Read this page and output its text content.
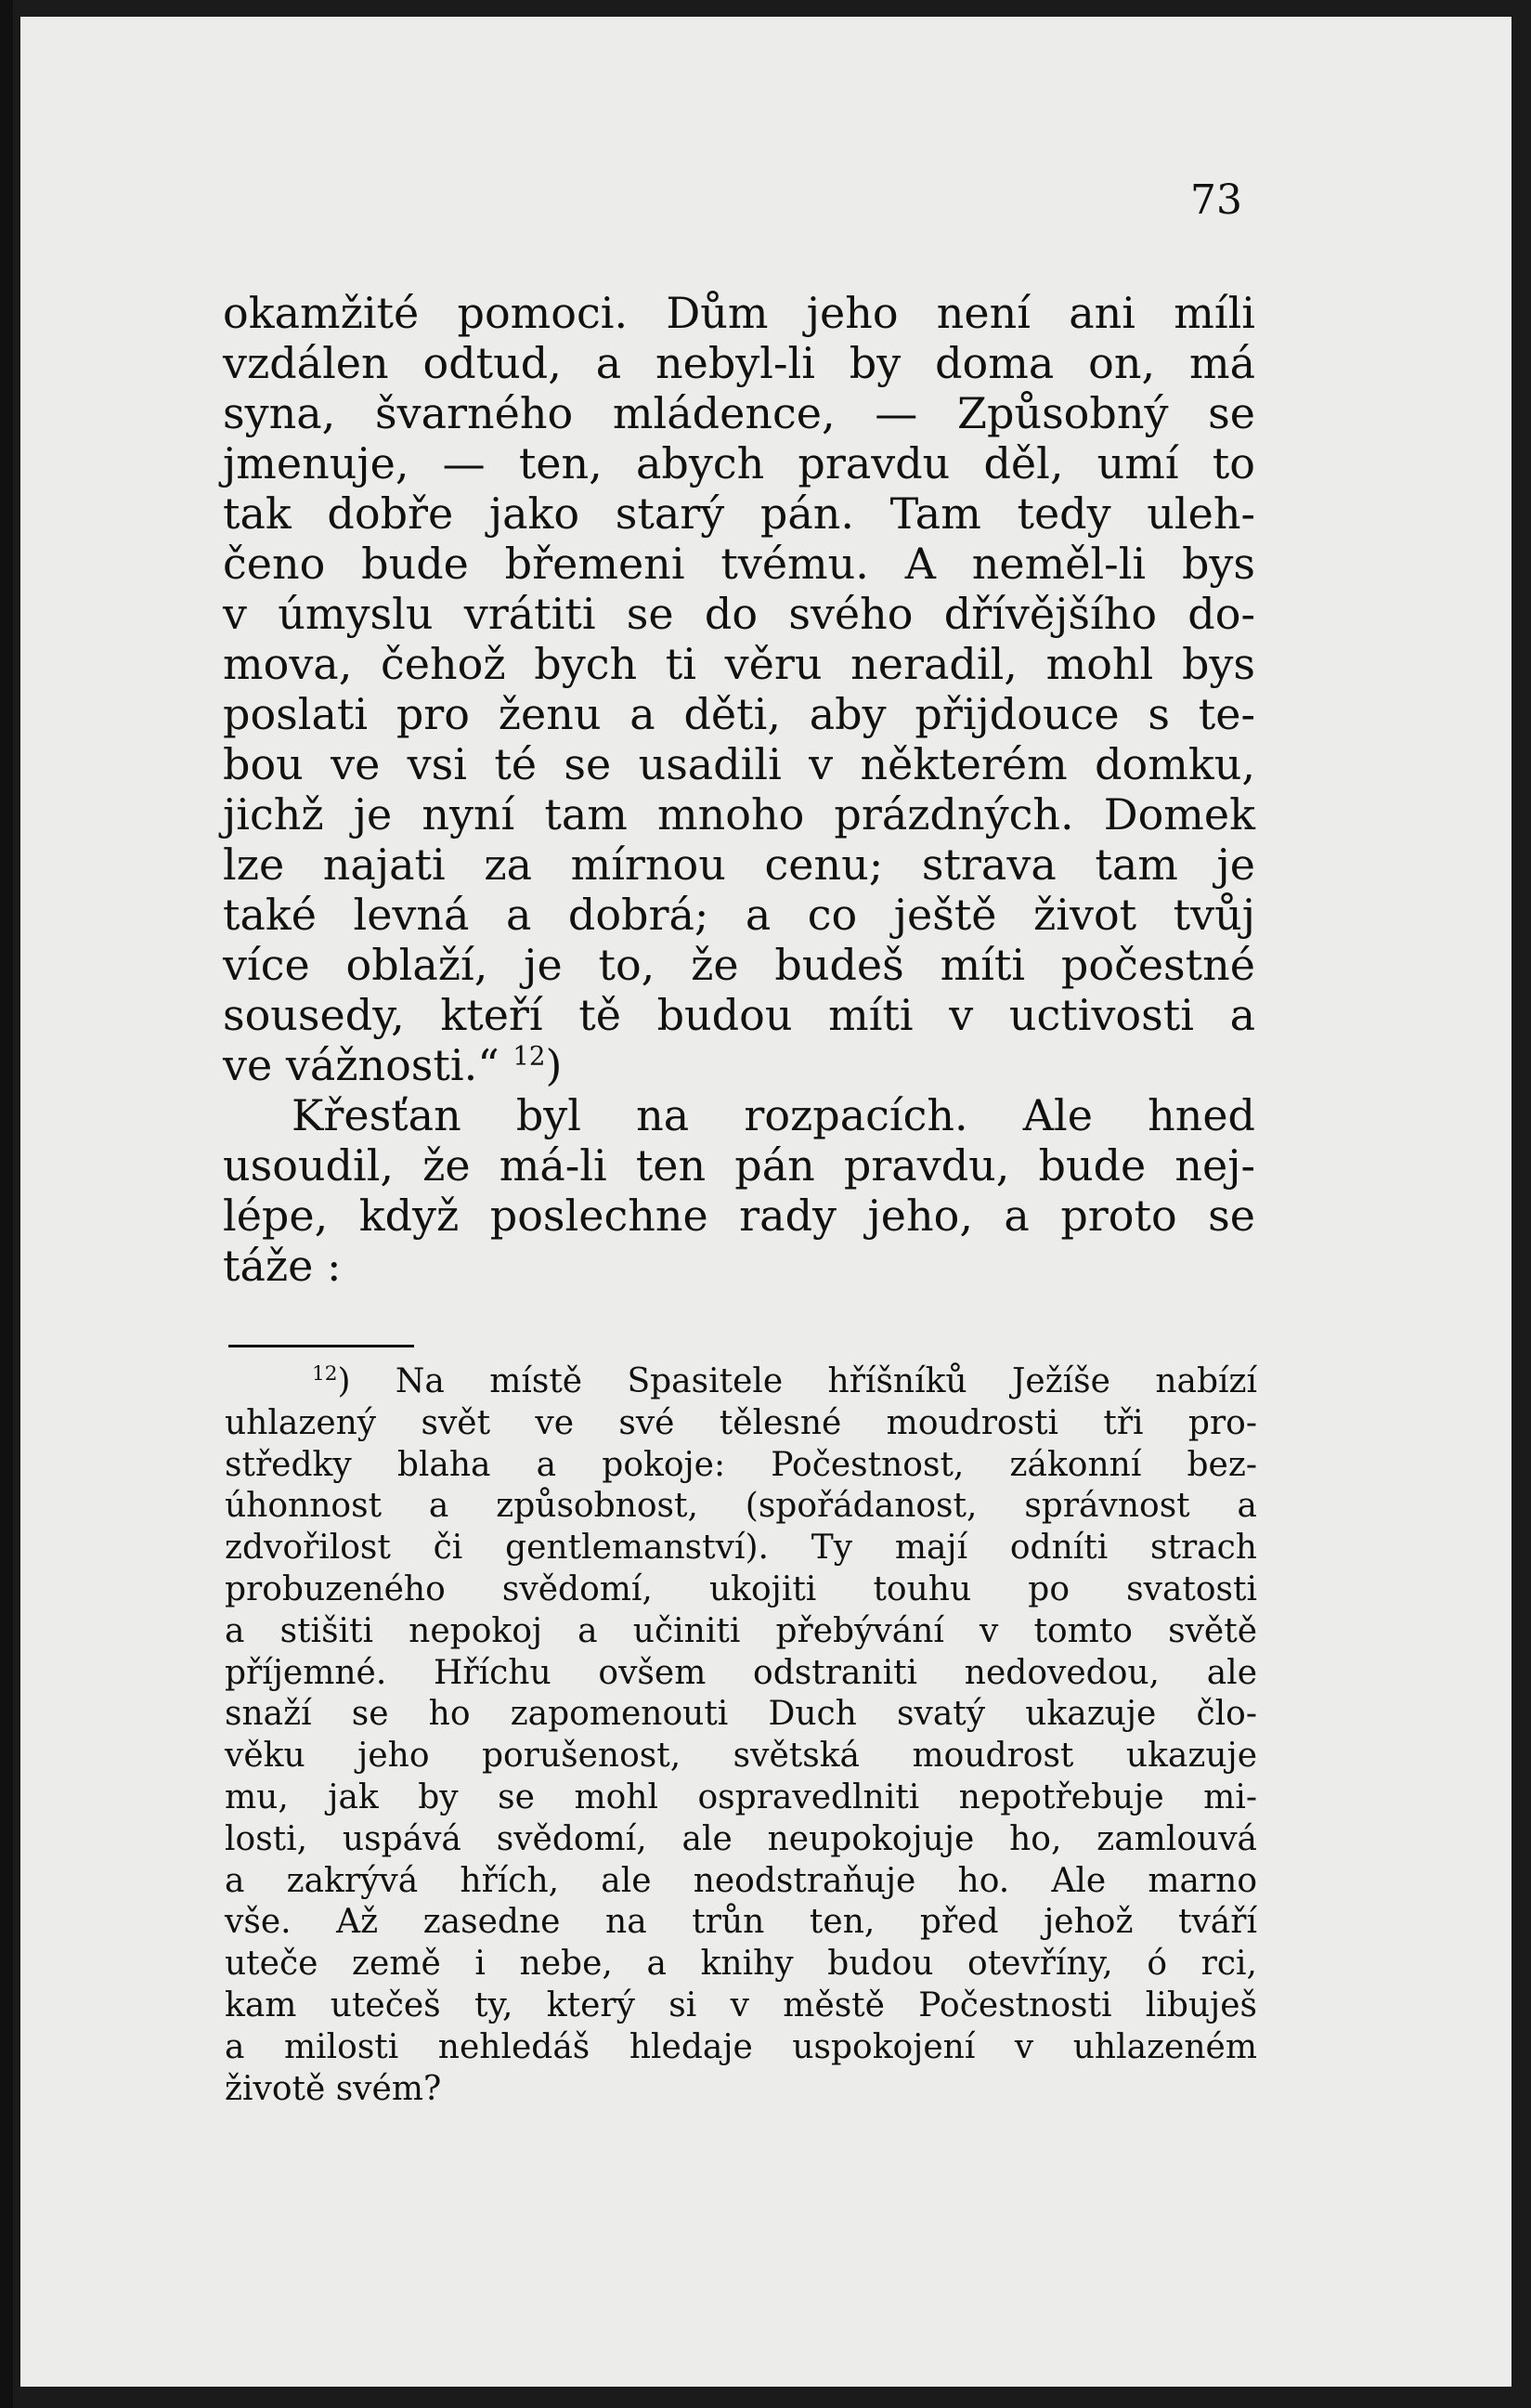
73
okamžité pomoci. Dům jeho není ani míli
vzdálen odtud, a nebyl-li by doma on, má
syna, švarného mládence, — Způsobný se
jmenuje, — ten, abych pravdu děl, umí to
tak dobře jako starý pán. Tam tedy uleh-
čeno bude břemeni tvému. A neměl-li bys
v úmyslu vrátiti se do svého dřívějšího do-
mova, čehož bych ti věru neradil, mohl bys
poslati pro ženu a děti, aby přijdouce s te-
bou ve vsi té se usadili v některém domku,
jichž je nyní tam mnoho prázdných. Domek
lze najati za mírnou cenu; strava tam je
také levná a dobrá; a co ještě život tvůj
více oblaží, je to, že budeš míti počestné
sousedy, kteří tě budou míti v uctivosti a
ve vážnosti.“ $^{12}$)
Křesťan byl na rozpacích. Ale hned
usoudil, že má-li ten pán pravdu, bude nej-
lépe, když poslechne rady jeho, a proto se
táže :
$^{12}$) Na místě Spasitele hříšníků Ježíše nabízí
uhlazený svět ve své tělesné moudrosti tři pro-
středky blaha a pokoje: Počestnost, zákonní bez-
úhonnost a způsobnost, (spořádanost, správnost a
zdvořilost či gentlemanství). Ty mají odníti strach
probuzeného svědomí, ukojiti touhu po svatosti
a stišiti nepokoj a učiniti přebývání v tomto světě
příjemné. Hříchu ovšem odstraniti nedovedou, ale
snaží se ho zapomenouti Duch svatý ukazuje člo-
věku jeho porušenost, světská moudrost ukazuje
mu, jak by se mohl ospravedlniti nepotřebuje mi-
losti, uspává svědomí, ale neupokojuje ho, zamlouvá
a zakrývá hřích, ale neodstraňuje ho. Ale marno
vše. Až zasedne na trůn ten, před jehož tváří
uteče země i nebe, a knihy budou otevříny, ó rci,
kam utečeš ty, který si v městě Počestnosti libuješ
a milosti nehledáš hledaje uspokojení v uhlazeném
životě svém?
